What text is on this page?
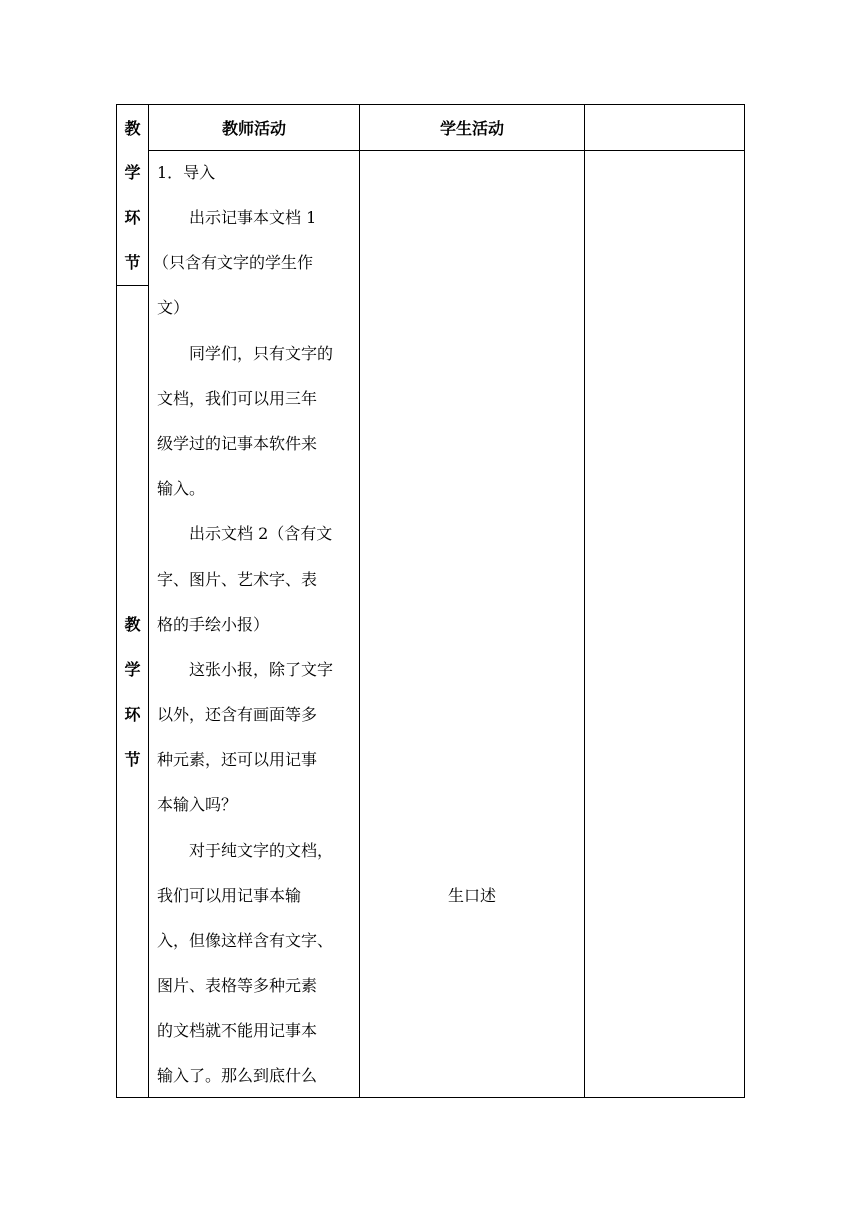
教	教师活动	学生活动
学
环
节
教
学
环
节
1．导入
出示记事本文档 1
（只含有文字的学生作
文）
同学们，只有文字的
文档，我们可以用三年
级学过的记事本软件来
输入。
出示文档 2（含有文
字、图片、艺术字、表
格的手绘小报）
这张小报，除了文字
以外，还含有画面等多
种元素，还可以用记事
本输入吗？
对于纯文字的文档，
我们可以用记事本输
入，但像这样含有文字、
图片、表格等多种元素
的文档就不能用记事本
输入了。那么到底什么
生口述
